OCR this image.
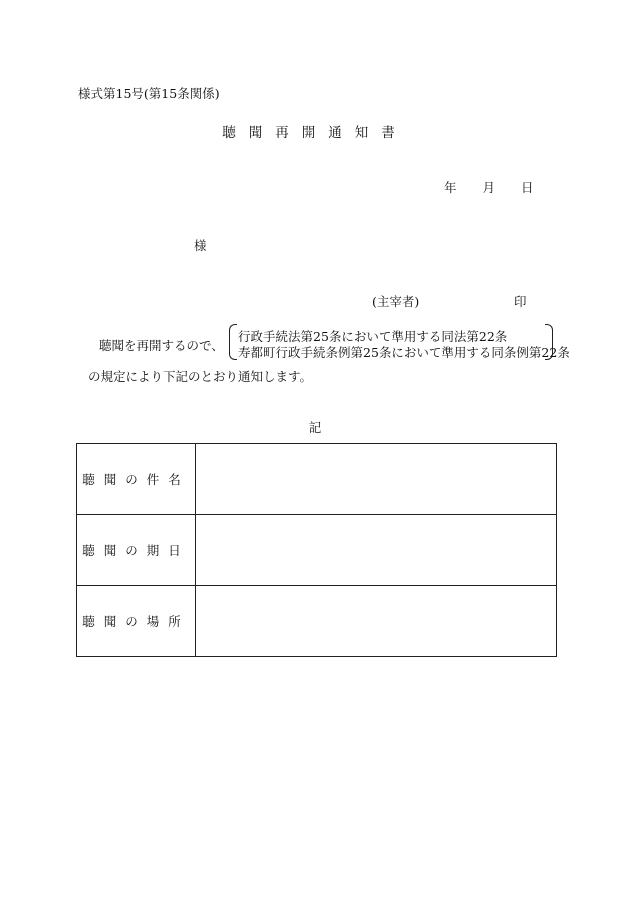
様式第15号(第15条関係)
聴聞再開通知書
年 月 日
様
(主宰者)	印
聴聞を再開するので、
行政手続法第25条において準用する同法第22条
寿都町行政手続条例第25条において準用する同条例第22条
の規定により下記のとおり通知します。
記
聴聞の件名	
聴聞の期日	
聴聞の場所	
